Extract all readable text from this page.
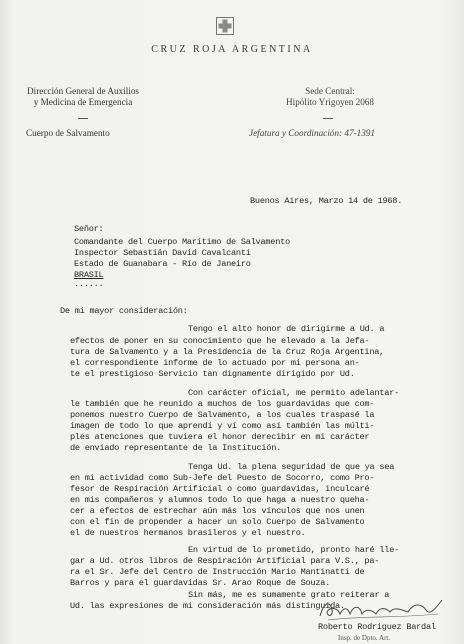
CRUZ ROJA ARGENTINA
Dirección General de Auxilios
y Medicina de Emergencia
Sede Central:
Hipólito Yrigoyen 2068
Cuerpo de Salvamento	Jefatura y Coordinación: 47-1391
Buenos Aires, Marzo 14 de 1968.
Señor:
Comandante del Cuerpo Marítimo de Salvamento
Inspector Sebastián David Cavalcanti
Estado de Guanabara - Río de Janeiro
BRASIL
......
De mi mayor consideración:
Tengo el alto honor de dirigirme a Ud. a
efectos de poner en su conocimiento que he elevado a la Jefa-
tura de Salvamento y a la Presidencia de la Cruz Roja Argentina,
el correspondiente informe de lo actuado por mi persona an-
te el prestigioso Servicio tan dignamente dirigido por Ud.
Con carácter oficial, me permito adelantar-
le también que he reunido a muchos de los guardavidas que com-
ponemos nuestro Cuerpo de Salvamento, a los cuales traspasé la
imagen de todo lo que aprendí y ví como así también las múlti-
ples atenciones que tuviera el honor derecibir en mi carácter
de enviado representante de la Institución.
Tenga Ud. la plena seguridad de que ya sea
en mi actividad como Sub-Jefe del Puesto de Socorro, como Pro-
fesor de Respiración Artificial o como guardavidas, inculcaré
en mis compañeros y alumnos todo lo que haga a nuestro queha-
cer a efectos de estrechar aún más los vínculos que nos unen
con el fin de propender a hacer un solo Cuerpo de Salvamento
el de nuestros hermanos brasileros y el nuestro.
En virtud de lo prometido, pronto haré lle-
gar a Ud. otros libros de Respiración Artificial para V.S., pa-
ra el Sr. Jefe del Centro de Instrucción Mario Mantinatti de
Barros y para el guardavidas Sr. Arao Roque de Souza.
Sin más, me es sumamente grato reiterar a
Ud. las expresiones de mi consideración más distinguida.
Roberto Rodriguez Bardal
Insp. de Dpto. Art.
